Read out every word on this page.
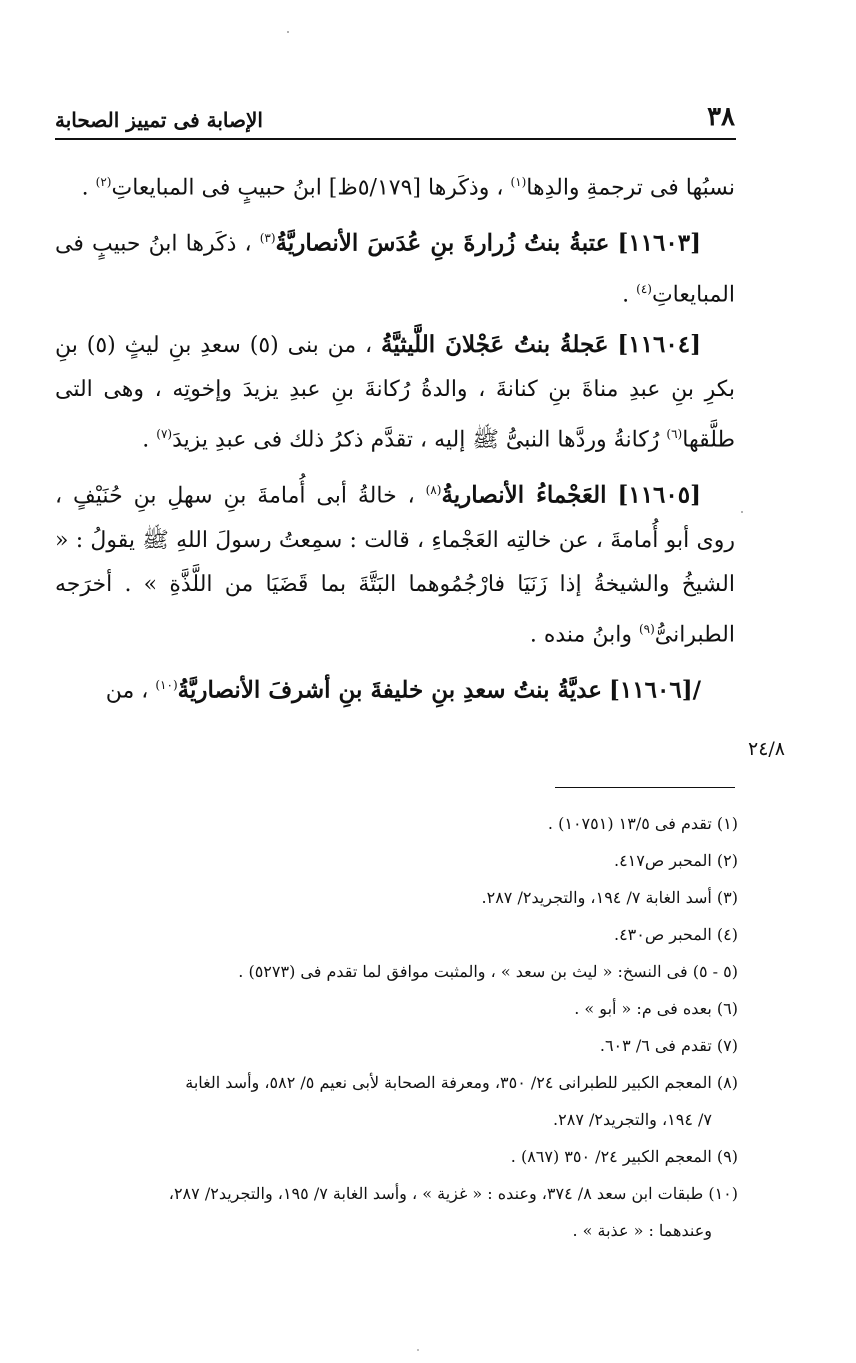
٣٨
الإصابة فى تمييز الصحابة

نسبُها فى ترجمةِ والدِها$^{(١)}$ ، وذكَرها [٥/١٧٩ظ] ابنُ حبيبٍ فى المبايعاتِ$^{(٢)}$ .

[١١٦٠٣] عتبةُ بنتُ زُرارةَ بنِ عُدَسَ الأنصاريَّةُ$^{(٣)}$ ، ذكَرها ابنُ حبيبٍ فى المبايعاتِ$^{(٤)}$ .

[١١٦٠٤] عَجلةُ بنتُ عَجْلانَ اللَّيثيَّةُ ، من بنى (٥) سعدِ بنِ ليثٍ (٥) بنِ بكرِ بنِ عبدِ مناةَ بنِ كنانةَ ، والدةُ رُكانةَ بنِ عبدِ يزيدَ وإخوتِه ، وهى التى طلَّقها$^{(٦)}$ رُكانةُ وردَّها النبىُّ ﷺ إليه ، تقدَّم ذكرُ ذلك فى عبدِ يزيدَ$^{(٧)}$ .

[١١٦٠٥] العَجْماءُ الأنصاريةُ$^{(٨)}$ ، خالةُ أبى أُمامةَ بنِ سهلِ بنِ حُنَيْفٍ ، روى أبو أُمامةَ ، عن خالتِه العَجْماءِ ، قالت : سمِعتُ رسولَ اللهِ ﷺ يقولُ : « الشيخُ والشيخةُ إذا زَنَيَا فارْجُمُوهما البَتَّةَ بما قَضَيَا من اللَّذَّةِ » . أخرَجه الطبرانىُّ$^{(٩)}$ وابنُ منده .

/[١١٦٠٦] عديَّةُ بنتُ سعدِ بنِ خليفةَ بنِ أشرفَ الأنصاريَّةُ$^{(١٠)}$ ، من

٢٤/٨

(١) تقدم فى ١٣/٥ (١٠٧٥١) .

(٢) المحبر ص٤١٧.

(٣) أسد الغابة ٧/ ١٩٤، والتجريد٢/ ٢٨٧.

(٤) المحبر ص٤٣٠.

(٥ - ٥) فى النسخ: « ليث بن سعد » ، والمثبت موافق لما تقدم فى (٥٢٧٣) .

(٦) بعده فى م: « أبو » .

(٧) تقدم فى ٦/ ٦٠٣.

(٨) المعجم الكبير للطبرانى ٢٤/ ٣٥٠، ومعرفة الصحابة لأبى نعيم ٥/ ٥٨٢، وأسد الغابة
٧/ ١٩٤، والتجريد٢/ ٢٨٧.

(٩) المعجم الكبير ٢٤/ ٣٥٠ (٨٦٧) .

(١٠) طبقات ابن سعد ٨/ ٣٧٤، وعنده : « غزية » ، وأسد الغابة ٧/ ١٩٥، والتجريد٢/ ٢٨٧،
وعندهما : « عذبة » .
